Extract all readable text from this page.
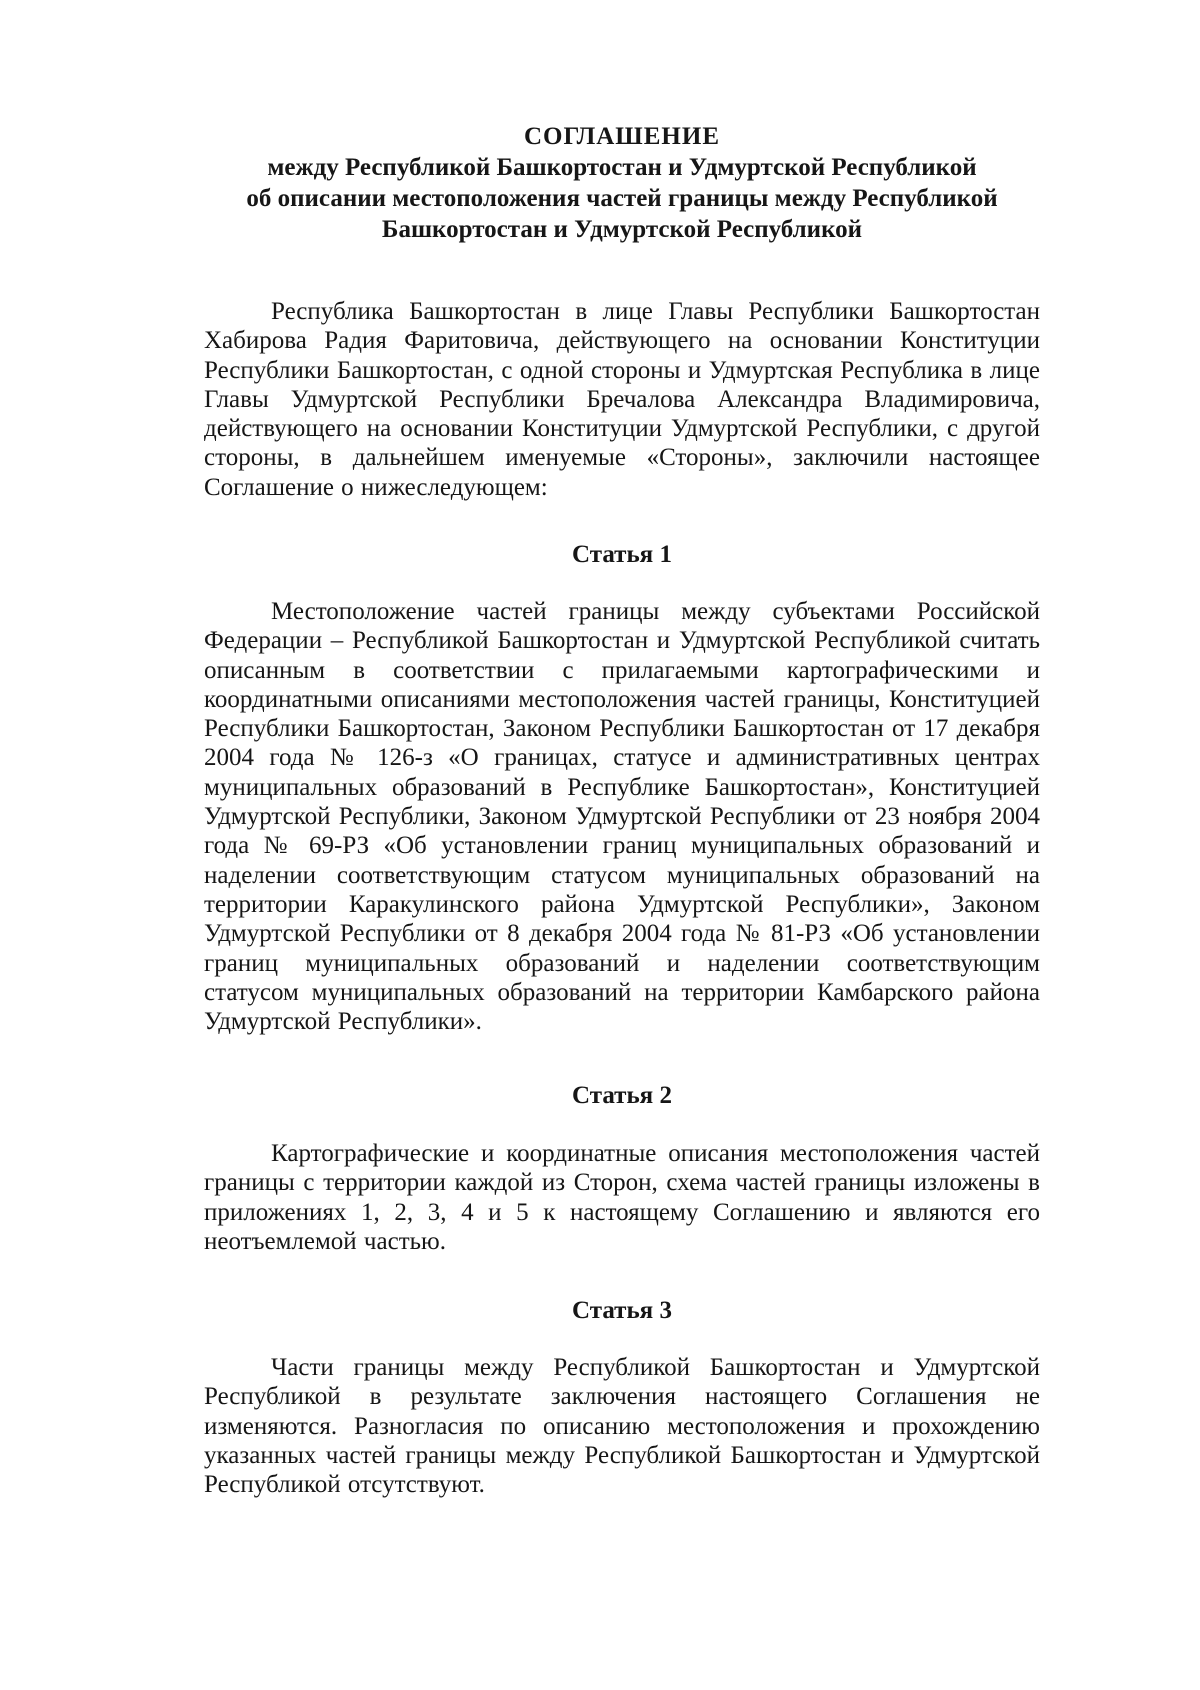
СОГЛАШЕНИЕ
между Республикой Башкортостан и Удмуртской Республикой
об описании местоположения частей границы между Республикой
Башкортостан и Удмуртской Республикой

Республика Башкортостан в лице Главы Республики Башкортостан Хабирова Радия Фаритовича, действующего на основании Конституции Республики Башкортостан, с одной стороны и Удмуртская Республика в лице Главы Удмуртской Республики Бречалова Александра Владимировича, действующего на основании Конституции Удмуртской Республики, с другой стороны, в дальнейшем именуемые «Стороны», заключили настоящее Соглашение о нижеследующем:

Статья 1

Местоположение частей границы между субъектами Российской Федерации – Республикой Башкортостан и Удмуртской Республикой считать описанным в соответствии с прилагаемыми картографическими и координатными описаниями местоположения частей границы, Конституцией Республики Башкортостан, Законом Республики Башкортостан от 17 декабря 2004 года № 126-з «О границах, статусе и административных центрах муниципальных образований в Республике Башкортостан», Конституцией Удмуртской Республики, Законом Удмуртской Республики от 23 ноября 2004 года № 69-РЗ «Об установлении границ муниципальных образований и наделении соответствующим статусом муниципальных образований на территории Каракулинского района Удмуртской Республики», Законом Удмуртской Республики от 8 декабря 2004 года № 81-РЗ «Об установлении границ муниципальных образований и наделении соответствующим статусом муниципальных образований на территории Камбарского района Удмуртской Республики».

Статья 2

Картографические и координатные описания местоположения частей границы с территории каждой из Сторон, схема частей границы изложены в приложениях 1, 2, 3, 4 и 5 к настоящему Соглашению и являются его неотъемлемой частью.

Статья 3

Части границы между Республикой Башкортостан и Удмуртской Республикой в результате заключения настоящего Соглашения не изменяются. Разногласия по описанию местоположения и прохождению указанных частей границы между Республикой Башкортостан и Удмуртской Республикой отсутствуют.
